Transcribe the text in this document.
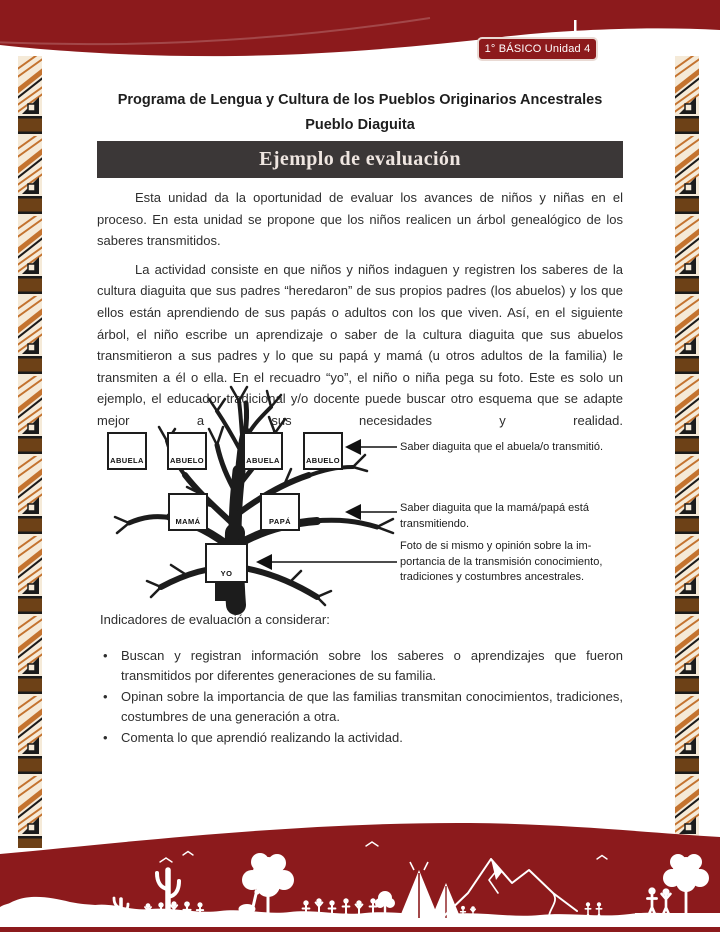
1° BÁSICO Unidad 4
Programa de Lengua y Cultura de los Pueblos Originarios Ancestrales
Pueblo Diaguita
Ejemplo de evaluación

Esta unidad da la oportunidad de evaluar los avances de niños y niñas en el proceso. En esta unidad se propone que los niños realicen un árbol genealógico de los saberes transmitidos.

La actividad consiste en que niños y niños indaguen y registren los saberes de la cultura diaguita que sus padres “heredaron” de sus propios padres (los abuelos) y los que ellos están aprendiendo de sus papás o adultos con los que viven. Así, en el siguiente árbol, el niño escribe un aprendizaje o saber de la cultura diaguita que sus abuelos transmitieron a sus padres y lo que su papá y mamá (u otros adultos de la familia) le transmiten a él o ella. En el recuadro “yo”, el niño o niña pega su foto. Este es solo un ejemplo, el educador tradicional y/o docente puede buscar otro esquema que se adapte mejor a sus necesidades y realidad.

ABUELA	ABUELO	ABUELA	ABUELO
MAMÁ	PAPÁ
YO
Saber diaguita que el abuela/o transmitió.
Saber diaguita que la mamá/papá está
transmitiendo.
Foto de si mismo y opinión sobre la im-
portancia de la transmisión conocimiento,
tradiciones y costumbres ancestrales.
Indicadores de evaluación a considerar:
• Buscan y registran información sobre los saberes o aprendizajes que fueron transmitidos por diferentes generaciones de su familia.
• Opinan sobre la importancia de que las familias transmitan conocimientos, tradiciones, costumbres de una generación a otra.
• Comenta lo que aprendió realizando la actividad.
